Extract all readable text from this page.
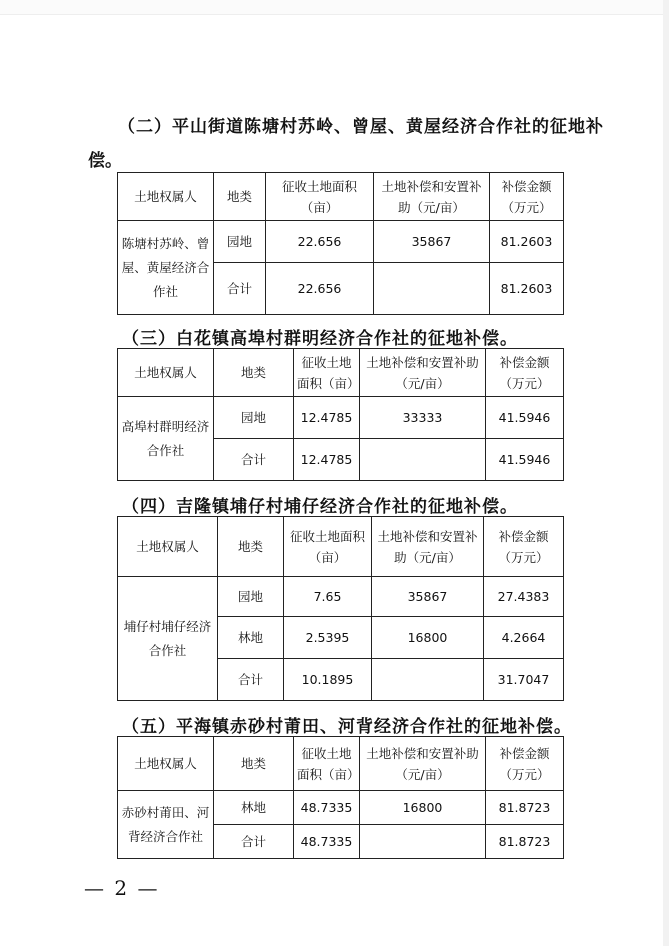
（二）平山街道陈塘村苏岭、曾屋、黄屋经济合作社的征地补
偿。
土地权属人	地类	征收土地面积（亩）	土地补偿和安置补助（元/亩）	补偿金额（万元）
陈塘村苏岭、曾屋、黄屋经济合作社	园地	22.656	35867	81.2603
	合计	22.656		81.2603
（三）白花镇高埠村群明经济合作社的征地补偿。
土地权属人	地类	征收土地面积（亩）	土地补偿和安置补助（元/亩）	补偿金额（万元）
高埠村群明经济合作社	园地	12.4785	33333	41.5946
	合计	12.4785		41.5946
（四）吉隆镇埔仔村埔仔经济合作社的征地补偿。
土地权属人	地类	征收土地面积（亩）	土地补偿和安置补助（元/亩）	补偿金额（万元）
埔仔村埔仔经济合作社	园地	7.65	35867	27.4383
	林地	2.5395	16800	4.2664
	合计	10.1895		31.7047
（五）平海镇赤砂村莆田、河背经济合作社的征地补偿。
土地权属人	地类	征收土地面积（亩）	土地补偿和安置补助（元/亩）	补偿金额（万元）
赤砂村莆田、河背经济合作社	林地	48.7335	16800	81.8723
	合计	48.7335		81.8723
— 2 —
